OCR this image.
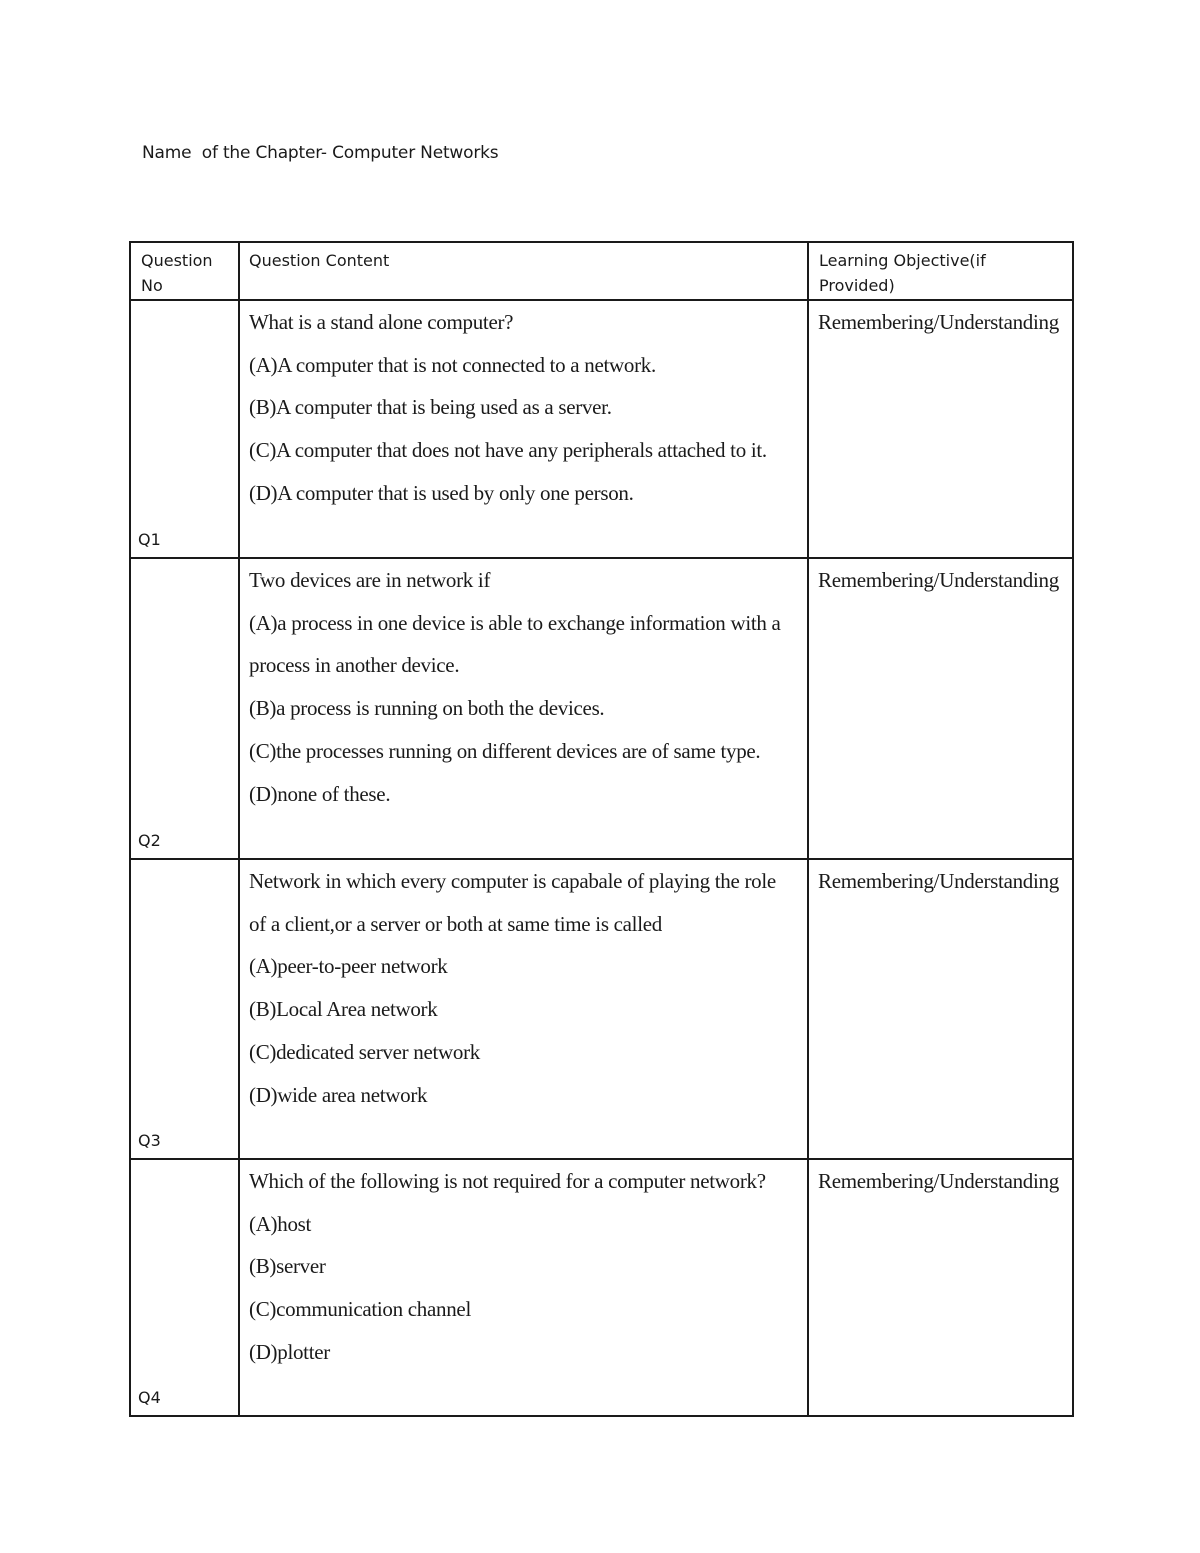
Name  of the Chapter- Computer Networks
Question No	Question Content	Learning Objective(if Provided)

Q1	What is a stand alone computer?
(A)A computer that is not connected to a network.
(B)A computer that is being used as a server.
(C)A computer that does not have any peripherals attached to it.
(D)A computer that is used by only one person.	Remembering/Understanding

Q2	Two devices are in network if
(A)a process in one device is able to exchange information with a process in another device.
(B)a process is running on both the devices.
(C)the processes running on different devices are of same type.
(D)none of these.	Remembering/Understanding

Q3	Network in which every computer is capabale of playing the role of a client,or a server or both at same time is called
(A)peer-to-peer network
(B)Local Area network
(C)dedicated server network
(D)wide area network	Remembering/Understanding

Q4	Which of the following is not required for a computer network?
(A)host
(B)server
(C)communication channel
(D)plotter	Remembering/Understanding
